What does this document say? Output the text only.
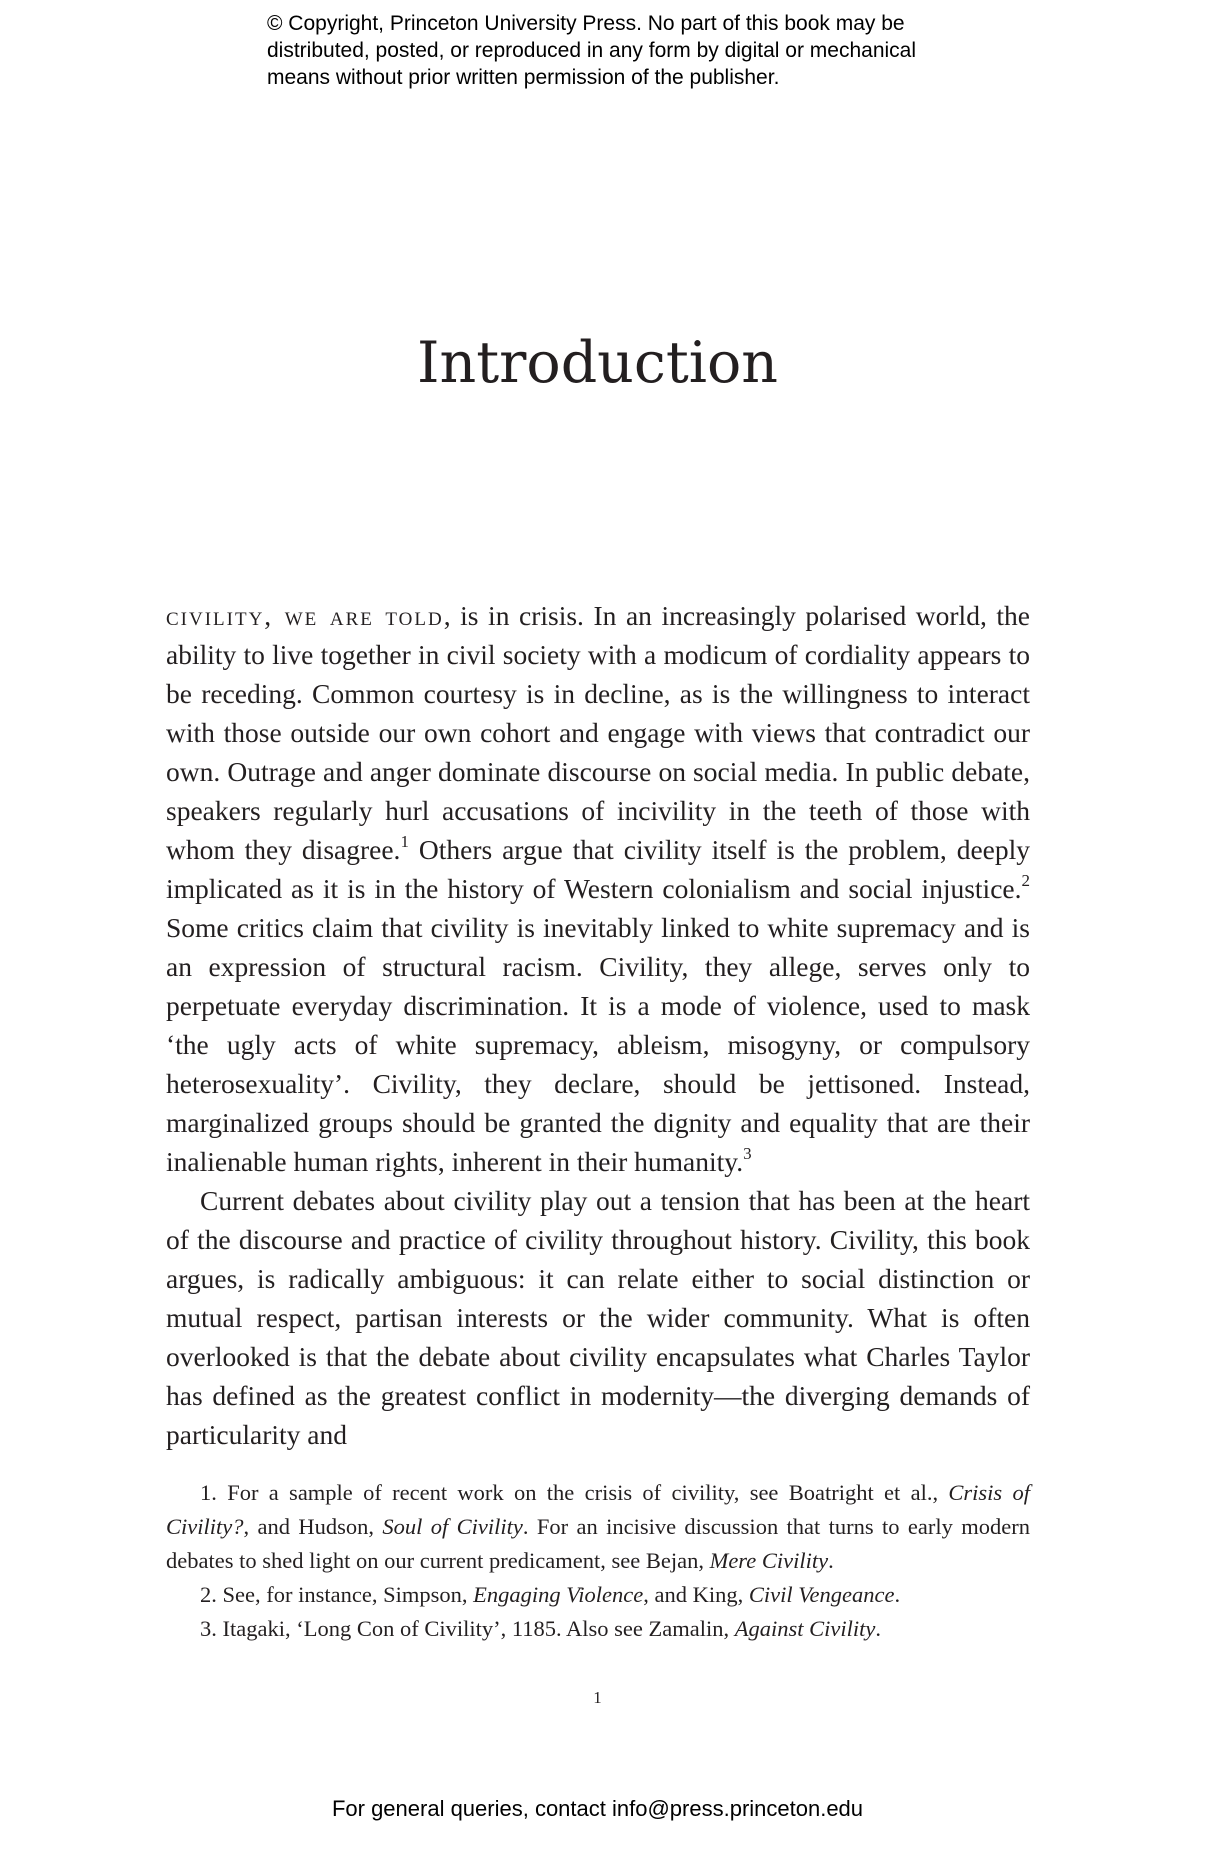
© Copyright, Princeton University Press. No part of this book may be
distributed, posted, or reproduced in any form by digital or mechanical
means without prior written permission of the publisher.
Introduction

civility, we are told, is in crisis. In an increasingly polarised world, the ability to live together in civil society with a modicum of cordiality appears to be receding. Common courtesy is in decline, as is the willingness to interact with those outside our own cohort and engage with views that contradict our own. Outrage and anger dominate discourse on social media. In public debate, speakers regularly hurl accusations of incivility in the teeth of those with whom they disagree.$^1$ Others argue that civility itself is the problem, deeply implicated as it is in the history of Western colonialism and social injustice.$^2$ Some critics claim that civility is inevitably linked to white supremacy and is an expression of structural racism. Civility, they allege, serves only to perpetuate everyday discrimination. It is a mode of violence, used to mask ‘the ugly acts of white supremacy, ableism, misogyny, or compulsory heterosexuality’. Civility, they declare, should be jettisoned. Instead, marginalized groups should be granted the dignity and equality that are their inalienable human rights, inherent in their humanity.$^3$

Current debates about civility play out a tension that has been at the heart of the discourse and practice of civility throughout history. Civility, this book argues, is radically ambiguous: it can relate either to social distinction or mutual respect, partisan interests or the wider community. What is often overlooked is that the debate about civility encapsulates what Charles Taylor has defined as the greatest conflict in modernity—the diverging demands of particularity and

1. For a sample of recent work on the crisis of civility, see Boatright et al., Crisis of Civility?, and Hudson, Soul of Civility. For an incisive discussion that turns to early modern debates to shed light on our current predicament, see Bejan, Mere Civility.

2. See, for instance, Simpson, Engaging Violence, and King, Civil Vengeance.

3. Itagaki, ‘Long Con of Civility’, 1185. Also see Zamalin, Against Civility.

1
For general queries, contact info@press.princeton.edu
